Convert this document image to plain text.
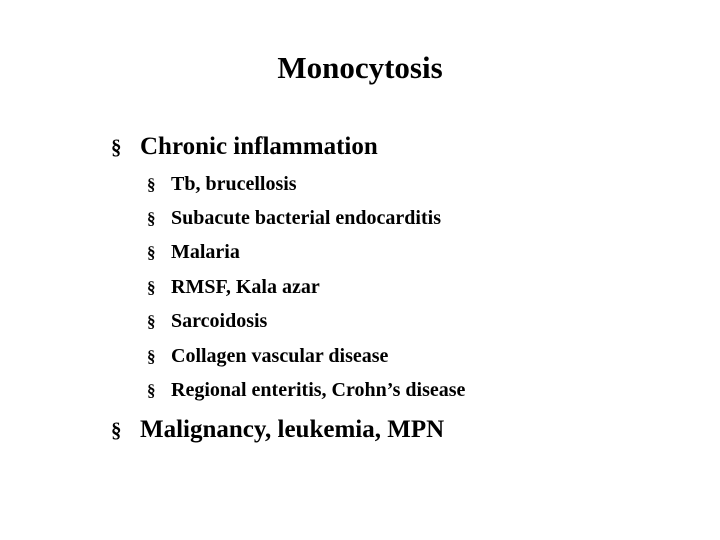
Monocytosis
§ Chronic inflammation
§ Tb, brucellosis
§ Subacute bacterial endocarditis
§ Malaria
§ RMSF, Kala azar
§ Sarcoidosis
§ Collagen vascular disease
§ Regional enteritis, Crohn’s disease
§ Malignancy, leukemia, MPN
